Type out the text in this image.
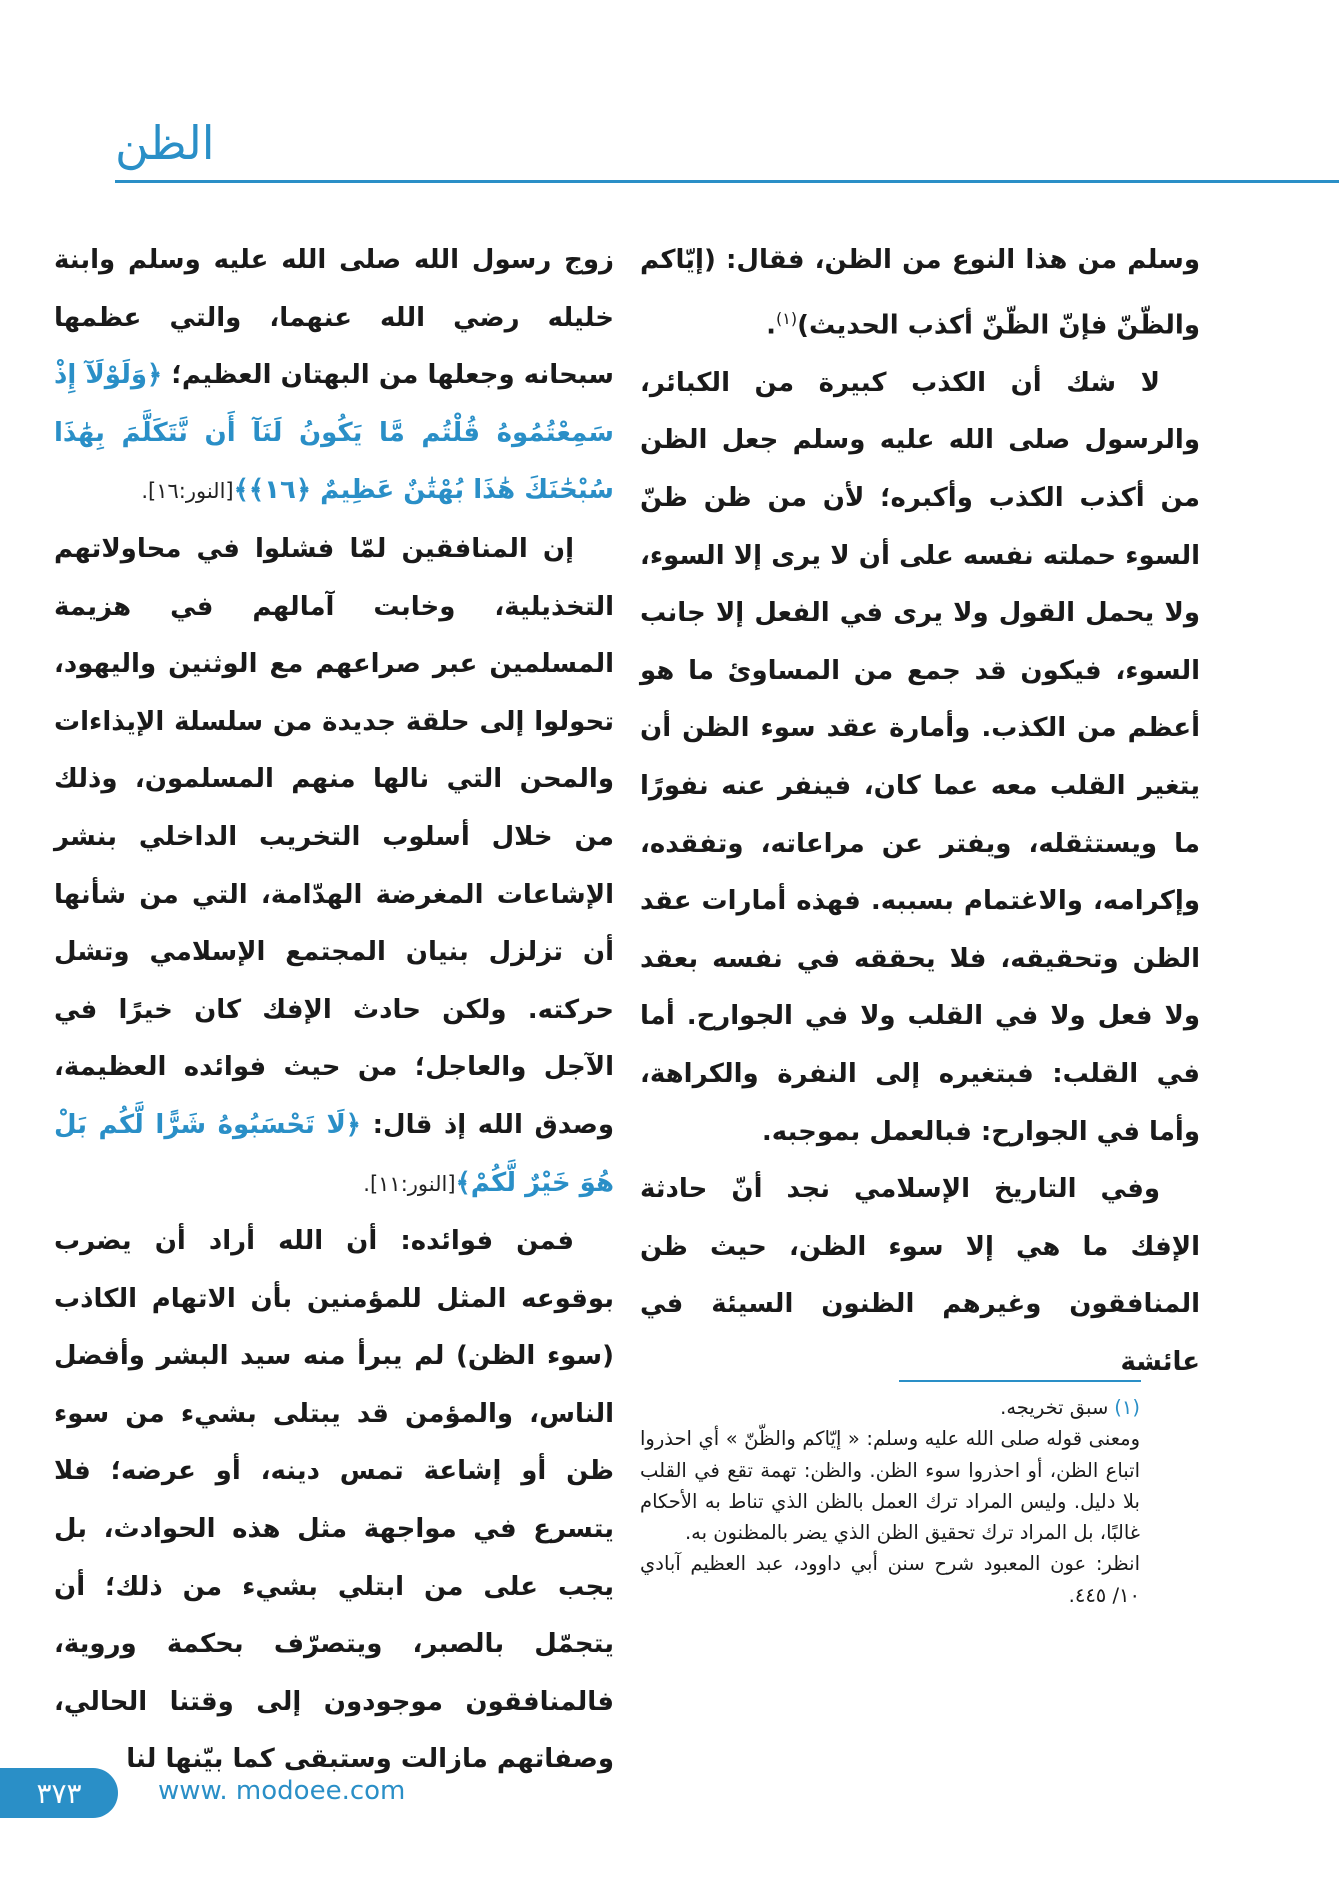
الظن

وسلم من هذا النوع من الظن، فقال: (إيّاكم والظّنّ فإنّ الظّنّ أكذب الحديث)$^{(١)}$.

لا شك أن الكذب كبيرة من الكبائر، والرسول صلى الله عليه وسلم جعل الظن من أكذب الكذب وأكبره؛ لأن من ظن ظنّ السوء حملته نفسه على أن لا يرى إلا السوء، ولا يحمل القول ولا يرى في الفعل إلا جانب السوء، فيكون قد جمع من المساوئ ما هو أعظم من الكذب. وأمارة عقد سوء الظن أن يتغير القلب معه عما كان، فينفر عنه نفورًا ما ويستثقله، ويفتر عن مراعاته، وتفقده، وإكرامه، والاغتمام بسببه. فهذه أمارات عقد الظن وتحقيقه، فلا يحققه في نفسه بعقد ولا فعل ولا في القلب ولا في الجوارح. أما في القلب: فبتغيره إلى النفرة والكراهة، وأما في الجوارح: فبالعمل بموجبه.

وفي التاريخ الإسلامي نجد أنّ حادثة الإفك ما هي إلا سوء الظن، حيث ظن المنافقون وغيرهم الظنون السيئة في عائشة

زوج رسول الله صلى الله عليه وسلم وابنة خليله رضي الله عنهما، والتي عظمها سبحانه وجعلها من البهتان العظيم؛ ﴿وَلَوْلَآ إِذْ سَمِعْتُمُوهُ قُلْتُم مَّا يَكُونُ لَنَآ أَن نَّتَكَلَّمَ بِهَٰذَا سُبْحَٰنَكَ هَٰذَا بُهْتَٰنٌ عَظِيمٌ ﴿١٦﴾﴾[النور:١٦].

إن المنافقين لمّا فشلوا في محاولاتهم التخذيلية، وخابت آمالهم في هزيمة المسلمين عبر صراعهم مع الوثنين واليهود، تحولوا إلى حلقة جديدة من سلسلة الإيذاءات والمحن التي نالها منهم المسلمون، وذلك من خلال أسلوب التخريب الداخلي بنشر الإشاعات المغرضة الهدّامة، التي من شأنها أن تزلزل بنيان المجتمع الإسلامي وتشل حركته. ولكن حادث الإفك كان خيرًا في الآجل والعاجل؛ من حيث فوائده العظيمة، وصدق الله إذ قال: ﴿لَا تَحْسَبُوهُ شَرًّا لَّكُم بَلْ هُوَ خَيْرٌ لَّكُمْ﴾[النور:١١].

فمن فوائده: أن الله أراد أن يضرب بوقوعه المثل للمؤمنين بأن الاتهام الكاذب (سوء الظن) لم يبرأ منه سيد البشر وأفضل الناس، والمؤمن قد يبتلى بشيء من سوء ظن أو إشاعة تمس دينه، أو عرضه؛ فلا يتسرع في مواجهة مثل هذه الحوادث، بل يجب على من ابتلي بشيء من ذلك؛ أن يتجمّل بالصبر، ويتصرّف بحكمة وروية، فالمنافقون موجودون إلى وقتنا الحالي، وصفاتهم مازالت وستبقى كما بيّنها لنا

(١)سبق تخريجه.

ومعنى قوله صلى الله عليه وسلم: « إيّاكم والظّنّ » أي احذروا اتباع الظن، أو احذروا سوء الظن. والظن: تهمة تقع في القلب بلا دليل. وليس المراد ترك العمل بالظن الذي تناط به الأحكام غالبًا، بل المراد ترك تحقيق الظن الذي يضر بالمظنون به.

انظر: عون المعبود شرح سنن أبي داوود، عبد العظيم آبادي ١٠/ ٤٤٥.

٣٧٣	www. modoee.com
